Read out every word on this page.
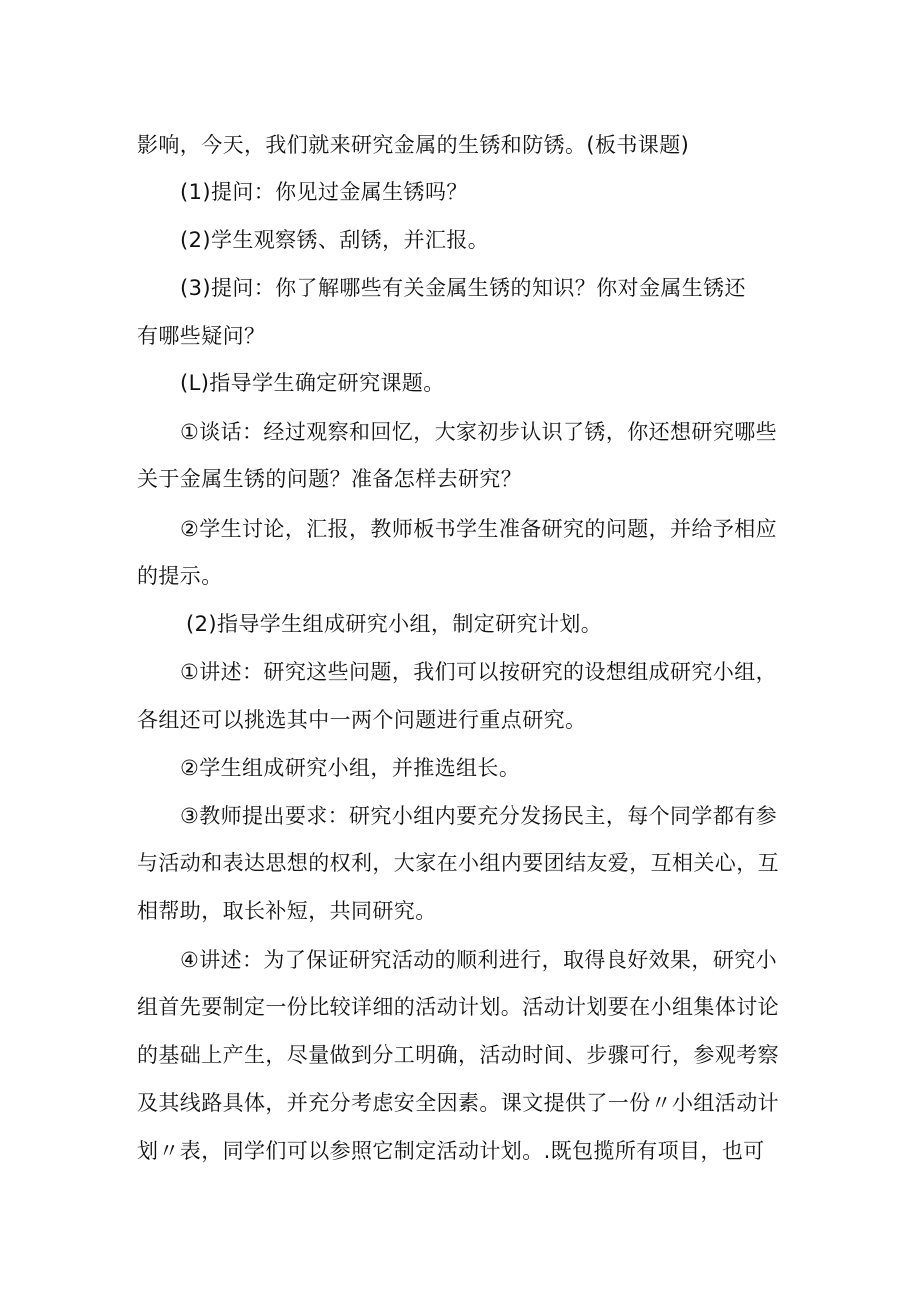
影响，今天，我们就来研究金属的生锈和防锈。(板书课题)
(1)提问：你见过金属生锈吗？
(2)学生观察锈、刮锈，并汇报。
(3)提问：你了解哪些有关金属生锈的知识？你对金属生锈还
有哪些疑问？
(L)指导学生确定研究课题。
①谈话：经过观察和回忆，大家初步认识了锈，你还想研究哪些
关于金属生锈的问题？准备怎样去研究？
②学生讨论，汇报，教师板书学生准备研究的问题，并给予相应
的提示。
(2)指导学生组成研究小组，制定研究计划。
①讲述：研究这些问题，我们可以按研究的设想组成研究小组，
各组还可以挑选其中一两个问题进行重点研究。
②学生组成研究小组，并推选组长。
③教师提出要求：研究小组内要充分发扬民主，每个同学都有参
与活动和表达思想的权利，大家在小组内要团结友爱，互相关心，互
相帮助，取长补短，共同研究。
④讲述：为了保证研究活动的顺利进行，取得良好效果，研究小
组首先要制定一份比较详细的活动计划。活动计划要在小组集体讨论
的基础上产生，尽量做到分工明确，活动时间、步骤可行，参观考察
及其线路具体，并充分考虑安全因素。课文提供了一份〃小组活动计
划〃表，同学们可以参照它制定活动计划。.既包揽所有项目，也可
